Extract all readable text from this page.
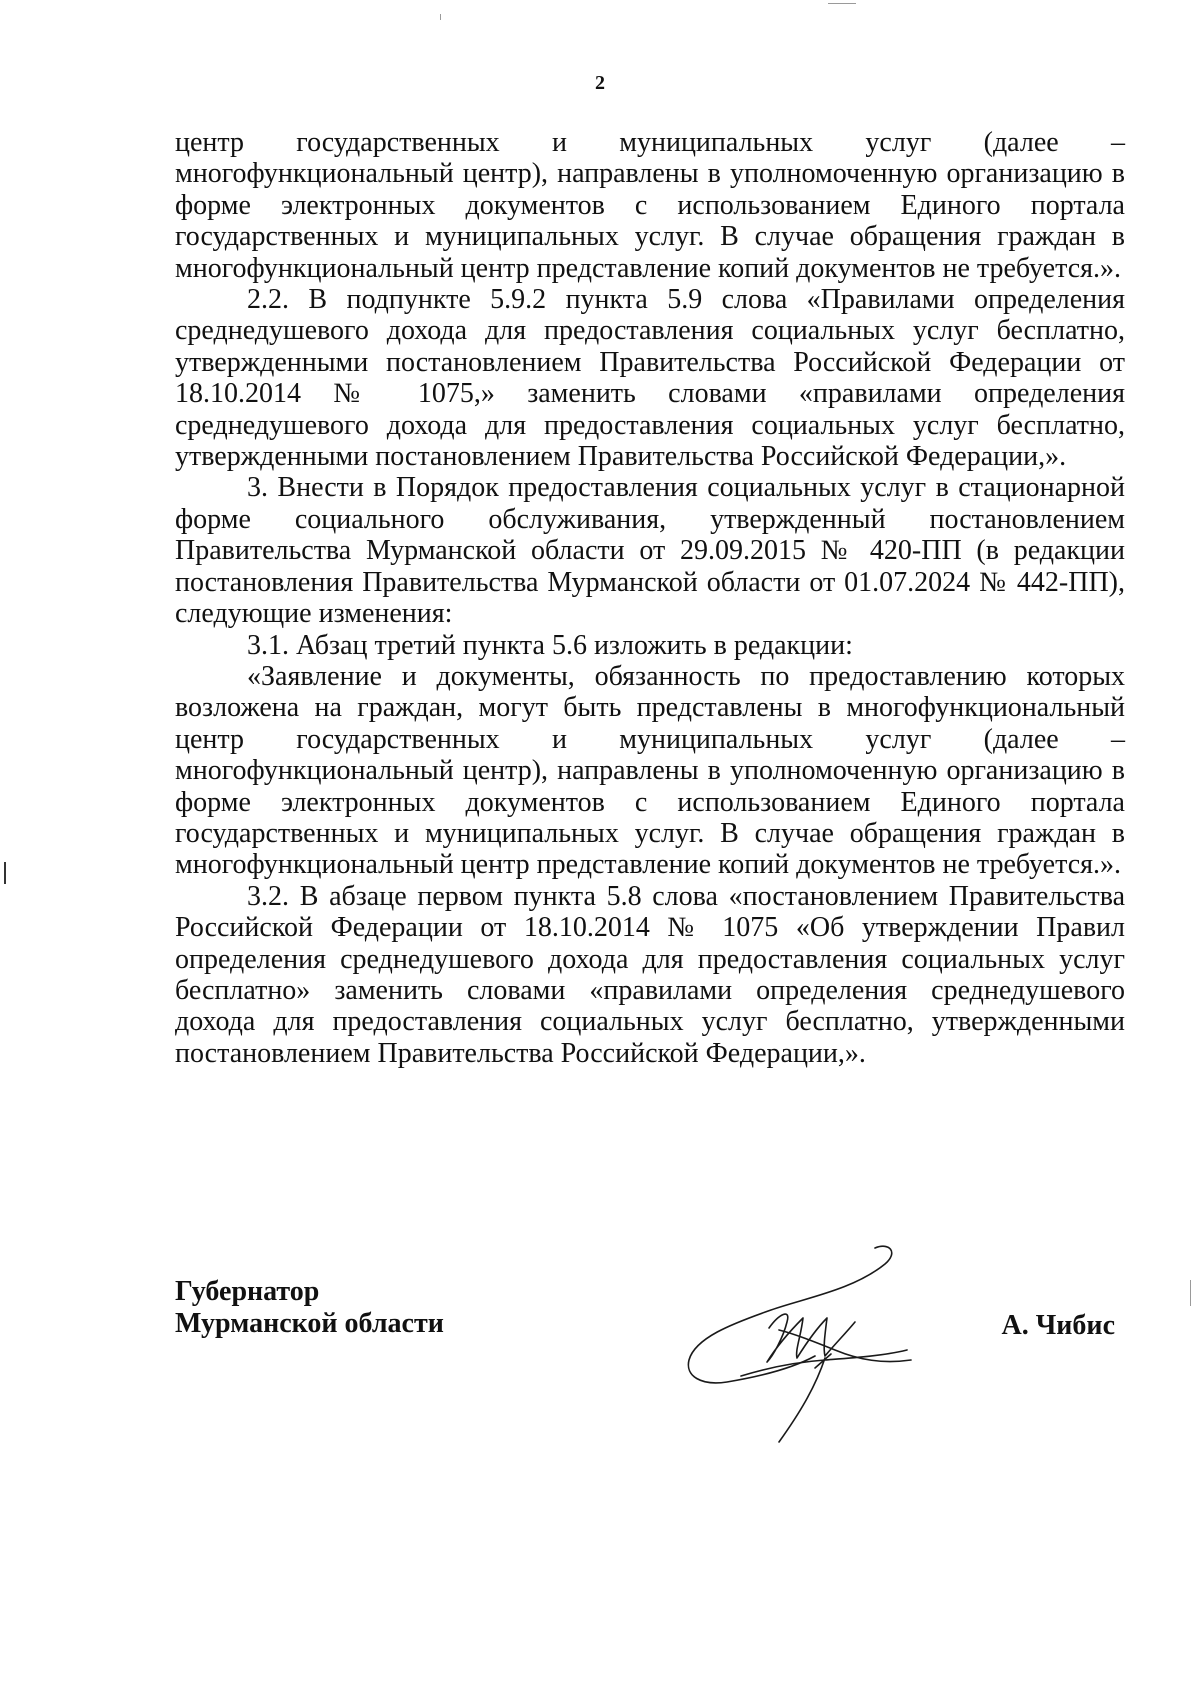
2

центр государственных и муниципальных услуг (далее – многофункциональный центр), направлены в уполномоченную организацию в форме электронных документов с использованием Единого портала государственных и муниципальных услуг. В случае обращения граждан в многофункциональный центр представление копий документов не требуется.».

2.2. В подпункте 5.9.2 пункта 5.9 слова «Правилами определения среднедушевого дохода для предоставления социальных услуг бесплатно, утвержденными постановлением Правительства Российской Федерации от 18.10.2014 № 1075,» заменить словами «правилами определения среднедушевого дохода для предоставления социальных услуг бесплатно, утвержденными постановлением Правительства Российской Федерации,».

3. Внести в Порядок предоставления социальных услуг в стационарной форме социального обслуживания, утвержденный постановлением Правительства Мурманской области от 29.09.2015 № 420-ПП (в редакции постановления Правительства Мурманской области от 01.07.2024 № 442-ПП), следующие изменения:

3.1. Абзац третий пункта 5.6 изложить в редакции:

«Заявление и документы, обязанность по предоставлению которых возложена на граждан, могут быть представлены в многофункциональный центр государственных и муниципальных услуг (далее – многофункциональный центр), направлены в уполномоченную организацию в форме электронных документов с использованием Единого портала государственных и муниципальных услуг. В случае обращения граждан в многофункциональный центр представление копий документов не требуется.».

3.2. В абзаце первом пункта 5.8 слова «постановлением Правительства Российской Федерации от 18.10.2014 № 1075 «Об утверждении Правил определения среднедушевого дохода для предоставления социальных услуг бесплатно» заменить словами «правилами определения среднедушевого дохода для предоставления социальных услуг бесплатно, утвержденными постановлением Правительства Российской Федерации,».

Губернатор
Мурманской области	А. Чибис
